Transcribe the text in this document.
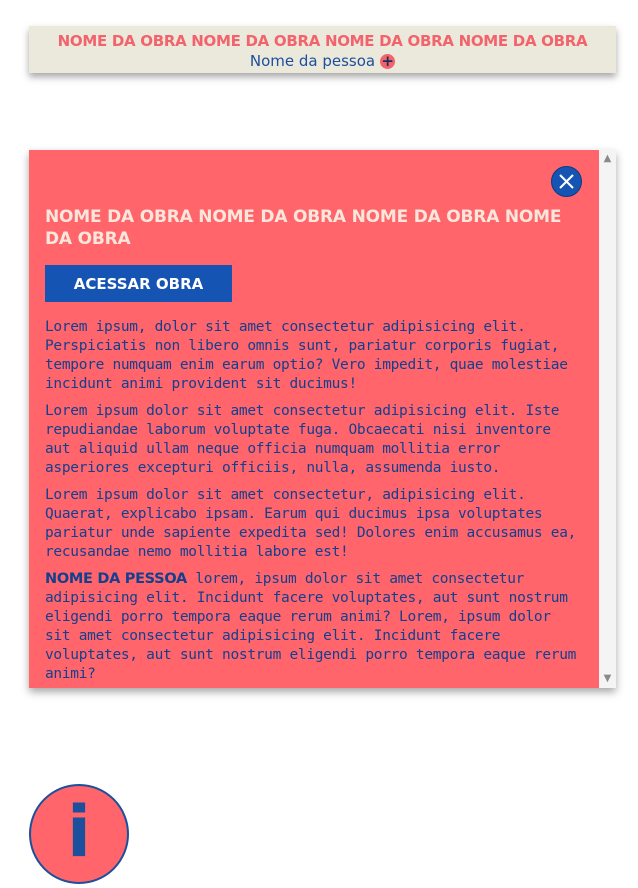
NOME DA OBRA NOME DA OBRA NOME DA OBRA NOME DA OBRA
Nome da pessoa +
NOME DA OBRA NOME DA OBRA NOME DA OBRA NOME DA OBRA
ACESSAR OBRA

Lorem ipsum, dolor sit amet consectetur adipisicing elit. Perspiciatis non libero omnis sunt, pariatur corporis fugiat, tempore numquam enim earum optio? Vero impedit, quae molestiae incidunt animi provident sit ducimus!

Lorem ipsum dolor sit amet consectetur adipisicing elit. Iste repudiandae laborum voluptate fuga. Obcaecati nisi inventore aut aliquid ullam neque officia numquam mollitia error asperiores excepturi officiis, nulla, assumenda iusto.

Lorem ipsum dolor sit amet consectetur, adipisicing elit. Quaerat, explicabo ipsam. Earum qui ducimus ipsa voluptates pariatur unde sapiente expedita sed! Dolores enim accusamus ea, recusandae nemo mollitia labore est!

NOME DA PESSOA lorem, ipsum dolor sit amet consectetur adipisicing elit. Incidunt facere voluptates, aut sunt nostrum eligendi porro tempora eaque rerum animi? Lorem, ipsum dolor sit amet consectetur adipisicing elit. Incidunt facere voluptates, aut sunt nostrum eligendi porro tempora eaque rerum animi?

▲
▼
i
